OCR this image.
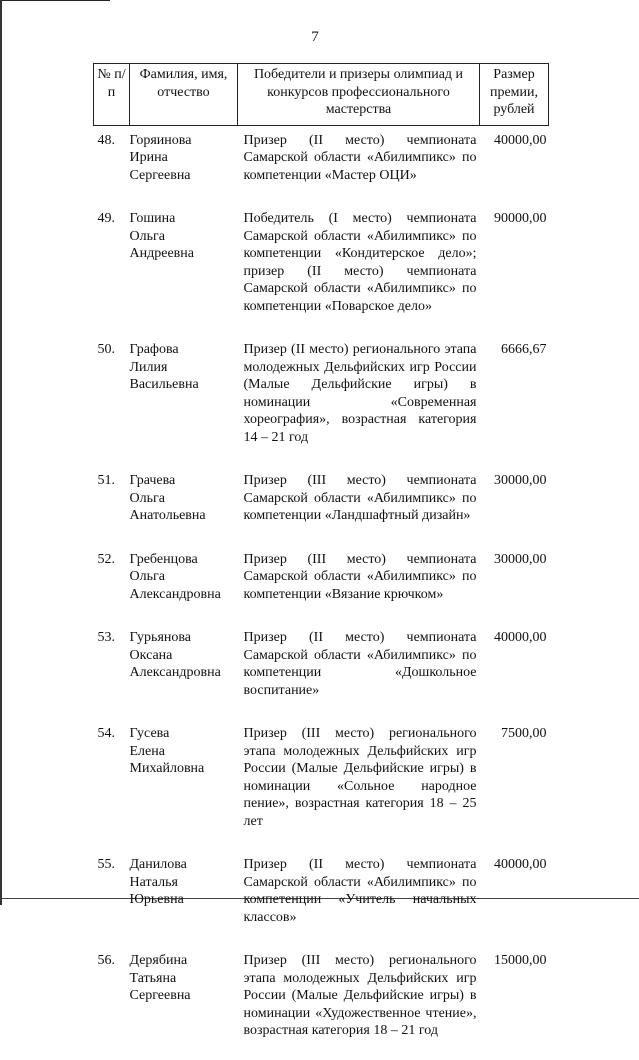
7
№ п/п	Фамилия, имя, отчество	Победители и призеры олимпиад и конкурсов профессионального мастерства	Размер премии, рублей
48.	Горяинова
Ирина
Сергеевна	Призер (II место) чемпионата Самарской области «Абилимпикс» по компетенции «Мастер ОЦИ»	40000,00
49.	Гошина
Ольга
Андреевна	Победитель (I место) чемпионата Самарской области «Абилимпикс» по компетенции «Кондитерское дело»; призер (II место) чемпионата Самарской области «Абилимпикс» по компетенции «Поварское дело»	90000,00
50.	Графова
Лилия
Васильевна	Призер (II место) регионального этапа молодежных Дельфийских игр России (Малые Дельфийские игры) в номинации «Современная хореография», возрастная категория 14 – 21 год	6666,67
51.	Грачева
Ольга
Анатольевна	Призер (III место) чемпионата Самарской области «Абилимпикс» по компетенции «Ландшафтный дизайн»	30000,00
52.	Гребенцова
Ольга
Александровна	Призер (III место) чемпионата Самарской области «Абилимпикс» по компетенции «Вязание крючком»	30000,00
53.	Гурьянова
Оксана
Александровна	Призер (II место) чемпионата Самарской области «Абилимпикс» по компетенции «Дошкольное воспитание»	40000,00
54.	Гусева
Елена
Михайловна	Призер (III место) регионального этапа молодежных Дельфийских игр России (Малые Дельфийские игры) в номинации «Сольное народное пение», возрастная категория 18 – 25 лет	7500,00
55.	Данилова
Наталья
Юрьевна	Призер (II место) чемпионата Самарской области «Абилимпикс» по компетенции «Учитель начальных классов»	40000,00
56.	Дерябина
Татьяна
Сергеевна	Призер (III место) регионального этапа молодежных Дельфийских игр России (Малые Дельфийские игры) в номинации «Художественное чтение», возрастная категория 18 – 21 год	15000,00
